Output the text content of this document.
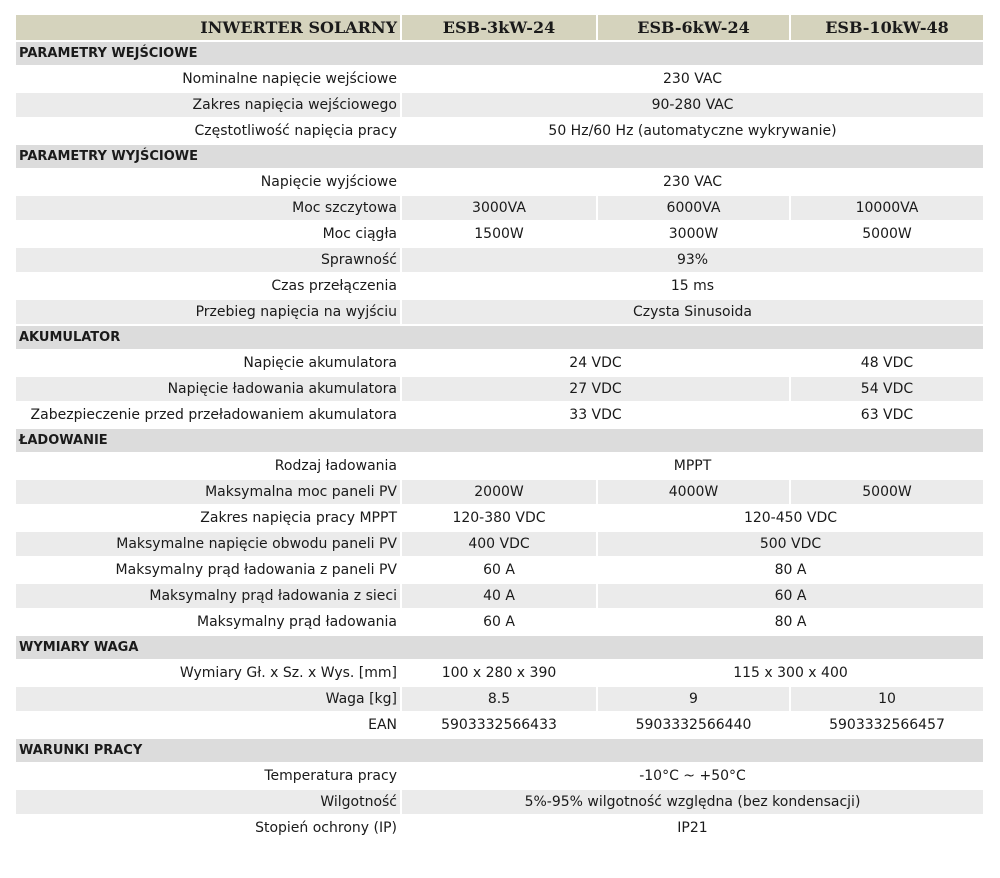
INWERTER SOLARNY	ESB-3kW-24	ESB-6kW-24	ESB-10kW-48
PARAMETRY WEJŚCIOWE			
Nominalne napięcie wejściowe	230 VAC		
Zakres napięcia wejściowego	90-280 VAC		
Częstotliwość napięcia pracy	50 Hz/60 Hz (automatyczne wykrywanie)		
PARAMETRY WYJŚCIOWE			
Napięcie wyjściowe	230 VAC		
Moc szczytowa	3000VA	6000VA	10000VA
Moc ciągła	1500W	3000W	5000W
Sprawność	93%		
Czas przełączenia	15 ms		
Przebieg napięcia na wyjściu	Czysta Sinusoida		
AKUMULATOR			
Napięcie akumulatora	24 VDC		48 VDC
Napięcie ładowania akumulatora	27 VDC		54 VDC
Zabezpieczenie przed przeładowaniem akumulatora	33 VDC		63 VDC
ŁADOWANIE			
Rodzaj ładowania	MPPT		
Maksymalna moc paneli PV	2000W	4000W	5000W
Zakres napięcia pracy MPPT	120-380 VDC	120-450 VDC	
Maksymalne napięcie obwodu paneli PV	400 VDC	500 VDC	
Maksymalny prąd ładowania z paneli PV	60 A	80 A	
Maksymalny prąd ładowania z sieci	40 A	60 A	
Maksymalny prąd ładowania	60 A	80 A	
WYMIARY WAGA			
Wymiary Gł. x Sz. x Wys. [mm]	100 x 280 x 390	115 x 300 x 400	
Waga [kg]	8.5	9	10
EAN	5903332566433	5903332566440	5903332566457
WARUNKI PRACY			
Temperatura pracy	-10°C ~ +50°C		
Wilgotność	5%-95% wilgotność względna (bez kondensacji)		
Stopień ochrony (IP)	IP21		
